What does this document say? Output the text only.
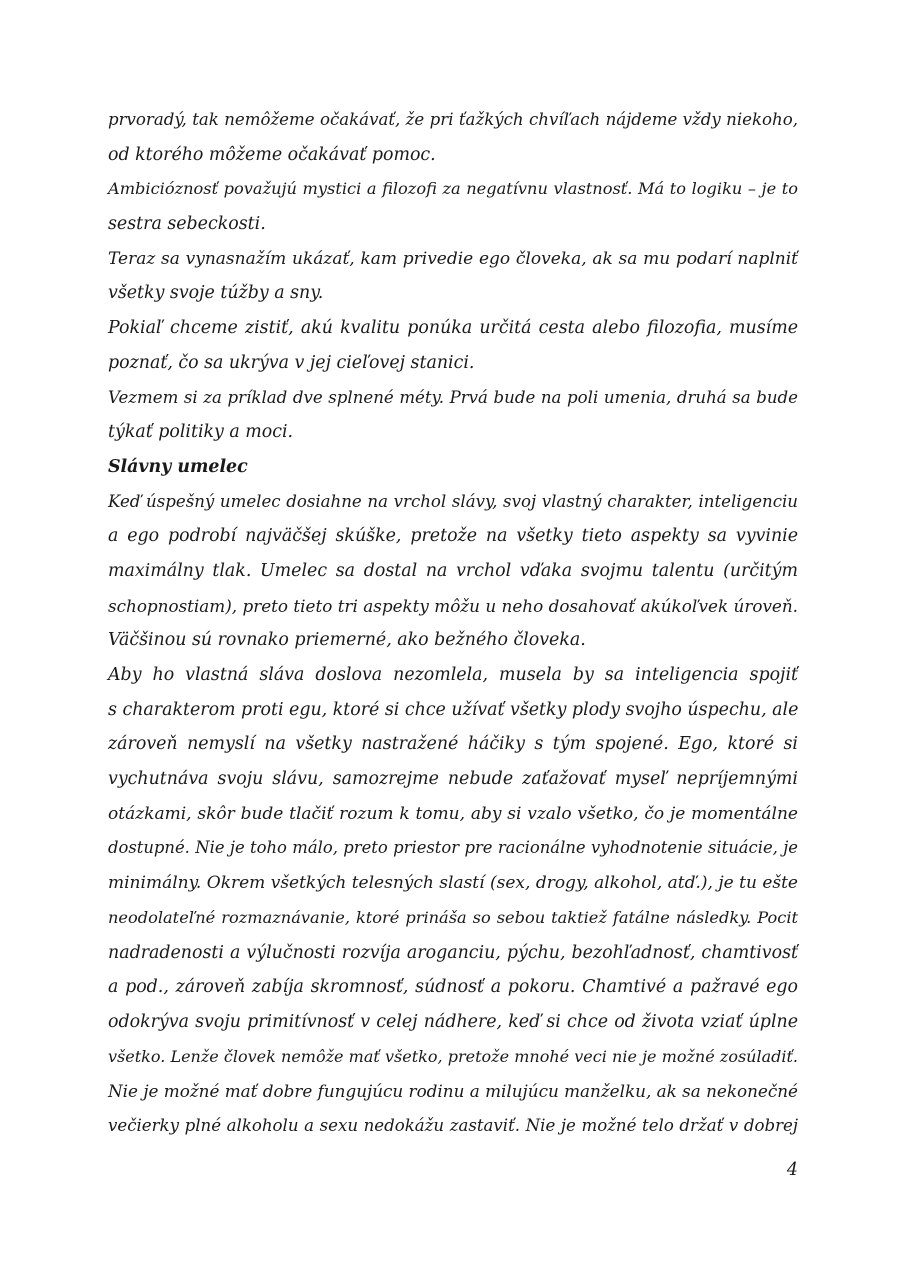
prvoradý, tak nemôžeme očakávať, že pri ťažkých chvíľach nájdeme vždy niekoho,
od ktorého môžeme očakávať pomoc.
Ambicióznosť považujú mystici a filozofi za negatívnu vlastnosť. Má to logiku – je to
sestra sebeckosti.
Teraz sa vynasnažím ukázať, kam privedie ego človeka, ak sa mu podarí naplniť
všetky svoje túžby a sny.
Pokiaľ chceme zistiť, akú kvalitu ponúka určitá cesta alebo filozofia, musíme
poznať, čo sa ukrýva v jej cieľovej stanici.
Vezmem si za príklad dve splnené méty. Prvá bude na poli umenia, druhá sa bude
týkať politiky a moci.
Slávny umelec
Keď úspešný umelec dosiahne na vrchol slávy, svoj vlastný charakter, inteligenciu
a ego podrobí najväčšej skúške, pretože na všetky tieto aspekty sa vyvinie
maximálny tlak. Umelec sa dostal na vrchol vďaka svojmu talentu (určitým
schopnostiam), preto tieto tri aspekty môžu u neho dosahovať akúkoľvek úroveň.
Väčšinou sú rovnako priemerné, ako bežného človeka.
Aby ho vlastná sláva doslova nezomlela, musela by sa inteligencia spojiť
s charakterom proti egu, ktoré si chce užívať všetky plody svojho úspechu, ale
zároveň nemyslí na všetky nastražené háčiky s tým spojené. Ego, ktoré si
vychutnáva svoju slávu, samozrejme nebude zaťažovať myseľ nepríjemnými
otázkami, skôr bude tlačiť rozum k tomu, aby si vzalo všetko, čo je momentálne
dostupné. Nie je toho málo, preto priestor pre racionálne vyhodnotenie situácie, je
minimálny. Okrem všetkých telesných slastí (sex, drogy, alkohol, atď.), je tu ešte
neodolateľné rozmaznávanie, ktoré prináša so sebou taktiež fatálne následky. Pocit
nadradenosti a výlučnosti rozvíja aroganciu, pýchu, bezohľadnosť, chamtivosť
a pod., zároveň zabíja skromnosť, súdnosť a pokoru. Chamtivé a pažravé ego
odokrýva svoju primitívnosť v celej nádhere, keď si chce od života vziať úplne
všetko. Lenže človek nemôže mať všetko, pretože mnohé veci nie je možné zosúladiť.
Nie je možné mať dobre fungujúcu rodinu a milujúcu manželku, ak sa nekonečné
večierky plné alkoholu a sexu nedokážu zastaviť. Nie je možné telo držať v dobrej
4
